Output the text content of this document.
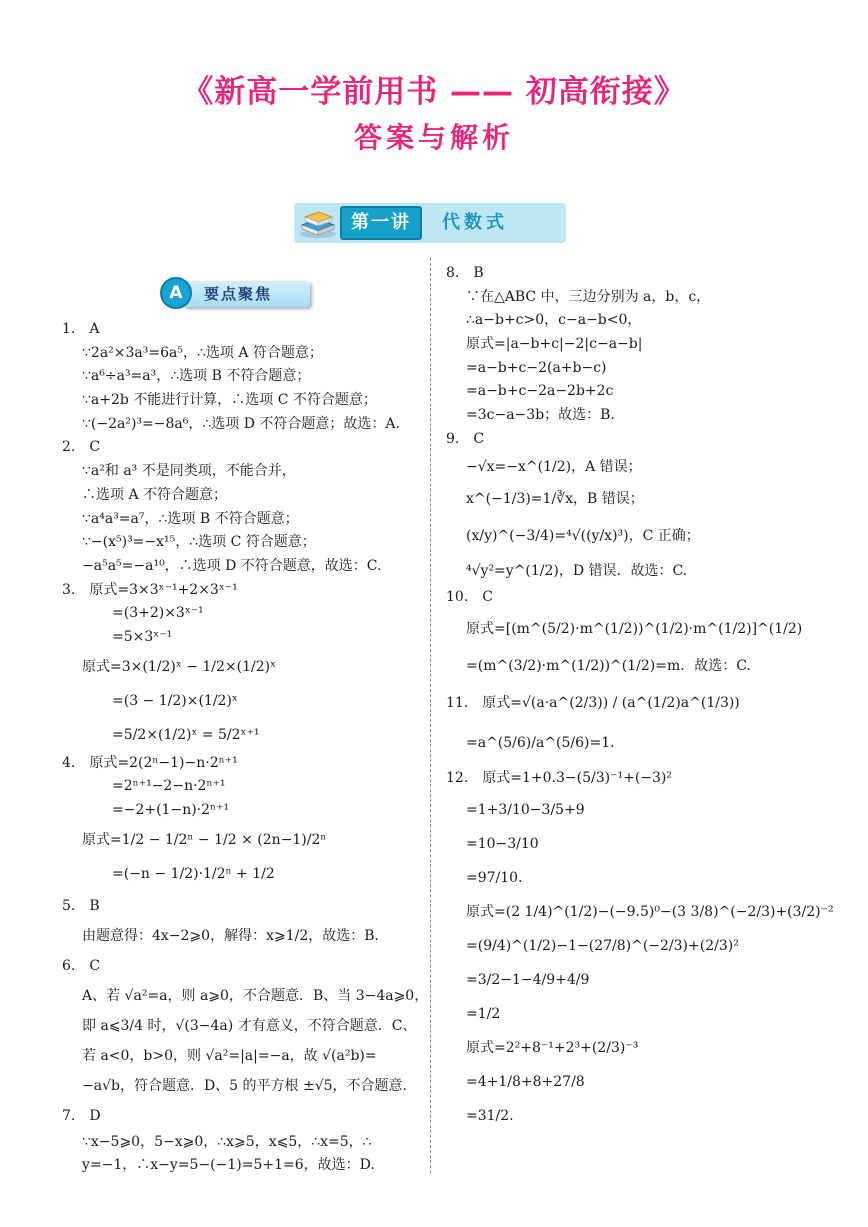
《新高一学前用书 —— 初高衔接》
答案与解析
第一讲	代数式
要点聚焦
A
1.　A
∵2a²×3a³=6a⁵，∴选项 A 符合题意；
∵a⁶÷a³=a³，∴选项 B 不符合题意；
∵a+2b 不能进行计算，∴选项 C 不符合题意；
∵(−2a²)³=−8a⁶，∴选项 D 不符合题意；故选：A.
2.　C
∵a²和 a³ 不是同类项，不能合并，
∴选项 A 不符合题意；
∵a⁴a³=a⁷，∴选项 B 不符合题意；
∵−(x⁵)³=−x¹⁵，∴选项 C 符合题意；
−a⁵a⁵=−a¹⁰，∴选项 D 不符合题意，故选：C.
3.　原式=3×3ˣ⁻¹+2×3ˣ⁻¹
=(3+2)×3ˣ⁻¹
=5×3ˣ⁻¹
原式=3×(1/2)ˣ − 1/2×(1/2)ˣ
=(3 − 1/2)×(1/2)ˣ
=5/2×(1/2)ˣ = 5/2ˣ⁺¹
4.　原式=2(2ⁿ−1)−n·2ⁿ⁺¹
=2ⁿ⁺¹−2−n·2ⁿ⁺¹
=−2+(1−n)·2ⁿ⁺¹
原式=1/2 − 1/2ⁿ − 1/2 × (2n−1)/2ⁿ
=(−n − 1/2)·1/2ⁿ + 1/2
5.　B
由题意得：4x−2⩾0，解得：x⩾1/2，故选：B.
6.　C
A、若 √a²=a，则 a⩾0，不合题意．B、当 3−4a⩾0，
即 a⩽3/4 时，√(3−4a) 才有意义，不符合题意．C、
若 a<0，b>0，则 √a²=|a|=−a，故 √(a²b)=
−a√b，符合题意．D、5 的平方根 ±√5，不合题意.
7.　D
∵x−5⩾0，5−x⩾0，∴x⩾5，x⩽5，∴x=5，∴
y=−1，∴x−y=5−(−1)=5+1=6，故选：D.
8.　B
∵在△ABC 中，三边分别为 a，b，c，
∴a−b+c>0，c−a−b<0，
原式=|a−b+c|−2|c−a−b|
=a−b+c−2(a+b−c)
=a−b+c−2a−2b+2c
=3c−a−3b；故选：B.
9.　C
−√x=−x^(1/2)，A 错误；
x^(−1/3)=1/∛x，B 错误；
(x/y)^(−3/4)=⁴√((y/x)³)，C 正确；
⁴√y²=y^(1/2)，D 错误．故选：C.
10.　C
原式=[(m^(5/2)·m^(1/2))^(1/2)·m^(1/2)]^(1/2)
=(m^(3/2)·m^(1/2))^(1/2)=m．故选：C.
11.　原式=√(a·a^(2/3)) / (a^(1/2)a^(1/3))
=a^(5/6)/a^(5/6)=1.
12.　原式=1+0.3−(5/3)⁻¹+(−3)²
=1+3/10−3/5+9
=10−3/10
=97/10.
原式=(2 1/4)^(1/2)−(−9.5)⁰−(3 3/8)^(−2/3)+(3/2)⁻²
=(9/4)^(1/2)−1−(27/8)^(−2/3)+(2/3)²
=3/2−1−4/9+4/9
=1/2
原式=2²+8⁻¹+2³+(2/3)⁻³
=4+1/8+8+27/8
=31/2.
